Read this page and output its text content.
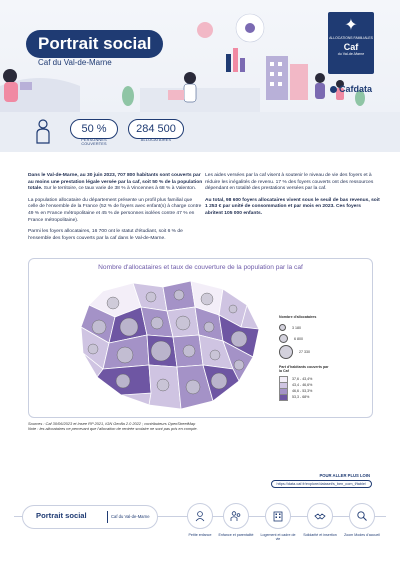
Portrait social
Caf du Val-de-Marne
✦
ALLOCATIONS FAMILIALES
Caf
du Val-de-Marne
Cafdata
50 %
PERSONNES COUVERTES
284 500
ALLOCATAIRES

Dans le Val-de-Marne, au 30 juin 2023, 707 800 habitants sont couverts par au moins une prestation légale versée par la caf, soit 50 % de la population totale. Sur le territoire, ce taux varie de 38 % à Vincennes à 68 % à Valenton.

La population allocataire du département présente un profil plus familial que celle de l'ensemble de la France (52 % de foyers avec enfant(s) à charge contre 49 % en France métropolitaine et 45 % de personnes isolées contre 47 % en France métropolitaine).

Parmi les foyers allocataires, 16 700 ont le statut d'étudiant, soit 6 % de l'ensemble des foyers couverts par la caf dans le Val-de-Marne.

Les aides versées par la caf visent à soutenir le niveau de vie des foyers et à réduire les inégalités de revenu. 17 % des foyers couverts ont des ressources dépendant en totalité des prestations versées par la caf.

Au total, 98 600 foyers allocataires vivent sous le seuil de bas revenus, soit 1 253 € par unité de consommation et par mois en 2023. Ces foyers abritent 105 000 enfants.

Nombre d'allocataires et taux de couverture de la population par la caf
Nombre d'allocataires
3 180
6 800
27 330
Part d'habitants couverts par la Caf
37,6 - 43,4%
43,4 - 46,6%
46,6 - 53,3%
53,3 - 68%
Sources : Caf 30/06/2023 et Insee RP 2021, IGN Geofla 2.0 2022 ; contributeurs OpenStreetMap
Note : les allocataires ne percevant que l'allocation de rentrée scolaire ne sont pas pris en compte.
POUR ALLER PLUS LOIN
https://data.caf.fr/explore/dataset/s_ben_com_f/table/
Portrait social	Caf du Val-de-Marne
Petite enfance	Enfance et parentalité	Logement et cadre de vie
Solidarité et insertion	Zoom Modes d'accueil
